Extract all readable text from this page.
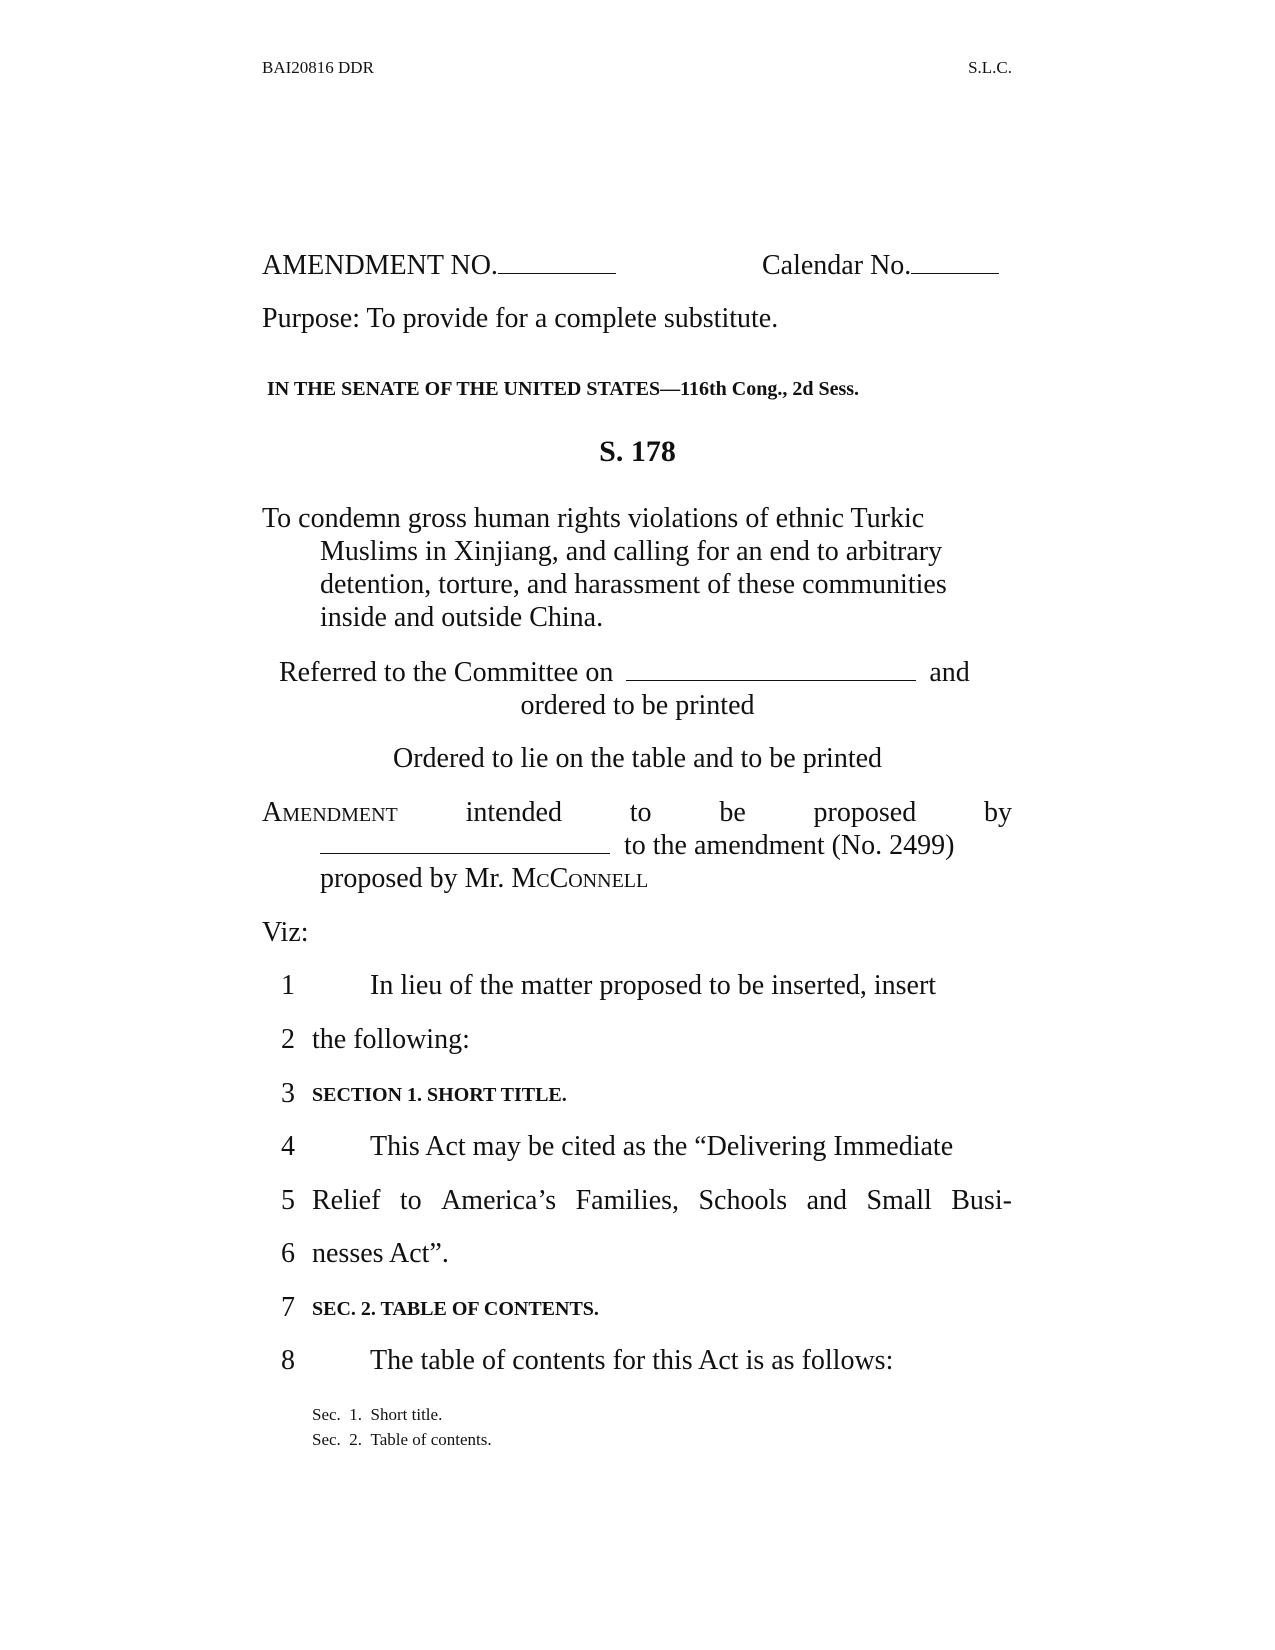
BAI20816 DDR	S.L.C.
AMENDMENT NO.	Calendar No.
Purpose: To provide for a complete substitute.
IN THE SENATE OF THE UNITED STATES—116th Cong., 2d Sess.
S. 178
To condemn gross human rights violations of ethnic Turkic
Muslims in Xinjiang, and calling for an end to arbitrary
detention, torture, and harassment of these communities
inside and outside China.
Referred to the Committee on	and
ordered to be printed
Ordered to lie on the table and to be printed
Amendment intended to be proposed by
to the amendment (No. 2499)
proposed by Mr. McConnell
Viz:
1	In lieu of the matter proposed to be inserted, insert
2 the following:
3 SECTION 1. SHORT TITLE.
4	This Act may be cited as the “Delivering Immediate
5 Relief to America’s Families, Schools and Small Busi-
6 nesses Act”.
7 SEC. 2. TABLE OF CONTENTS.
8	The table of contents for this Act is as follows:
Sec.  1. Short title.
Sec.  2. Table of contents.
